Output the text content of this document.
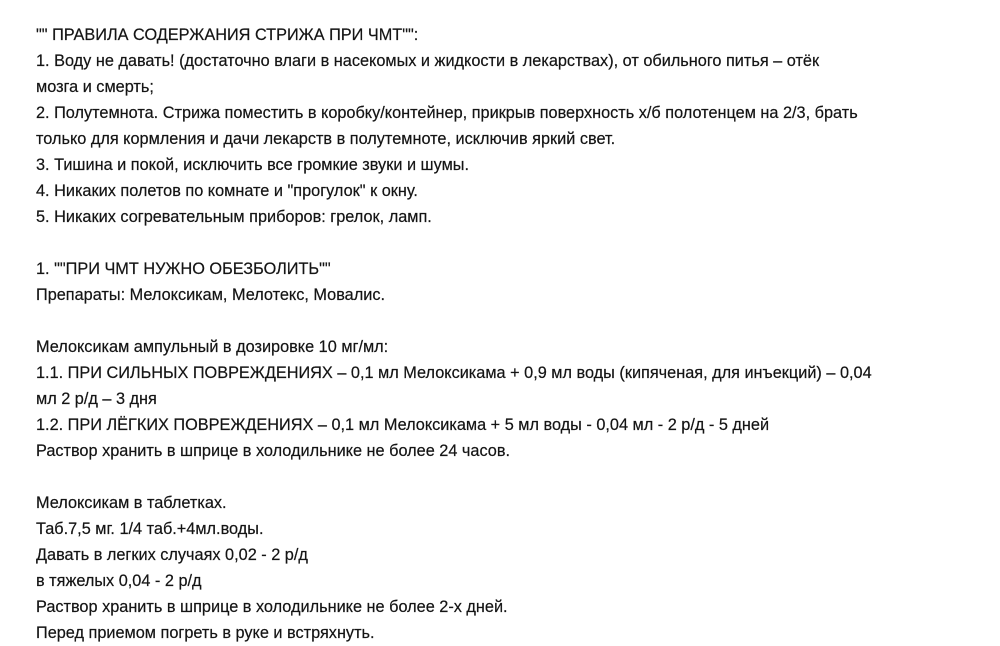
"" ПРАВИЛА СОДЕРЖАНИЯ СТРИЖА ПРИ ЧМТ"":
1. Воду не давать! (достаточно влаги в насекомых и жидкости в лекарствах), от обильного питья – отёк
мозга и смерть;
2. Полутемнота. Стрижа поместить в коробку/контейнер, прикрыв поверхность х/б полотенцем на 2/3, брать
только для кормления и дачи лекарств в полутемноте, исключив яркий свет.
3. Тишина и покой, исключить все громкие звуки и шумы.
4. Никаких полетов по комнате и "прогулок" к окну.
5. Никаких согревательным приборов: грелок, ламп.
1. ""ПРИ ЧМТ НУЖНО ОБЕЗБОЛИТЬ""
Препараты: Мелоксикам, Мелотекс, Мовалис.
Мелоксикам ампульный в дозировке 10 мг/мл:
1.1. ПРИ СИЛЬНЫХ ПОВРЕЖДЕНИЯХ – 0,1 мл Мелоксикама + 0,9 мл воды (кипяченая, для инъекций) – 0,04
мл 2 р/д – 3 дня
1.2. ПРИ ЛЁГКИХ ПОВРЕЖДЕНИЯХ – 0,1 мл Мелоксикама + 5 мл воды - 0,04 мл - 2 р/д - 5 дней
Раствор хранить в шприце в холодильнике не более 24 часов.
Мелоксикам в таблетках.
Таб.7,5 мг. 1/4 таб.+4мл.воды.
Давать в легких случаях 0,02 - 2 р/д
в тяжелых 0,04 - 2 р/д
Раствор хранить в шприце в холодильнике не более 2-х дней.
Перед приемом погреть в руке и встряхнуть.
